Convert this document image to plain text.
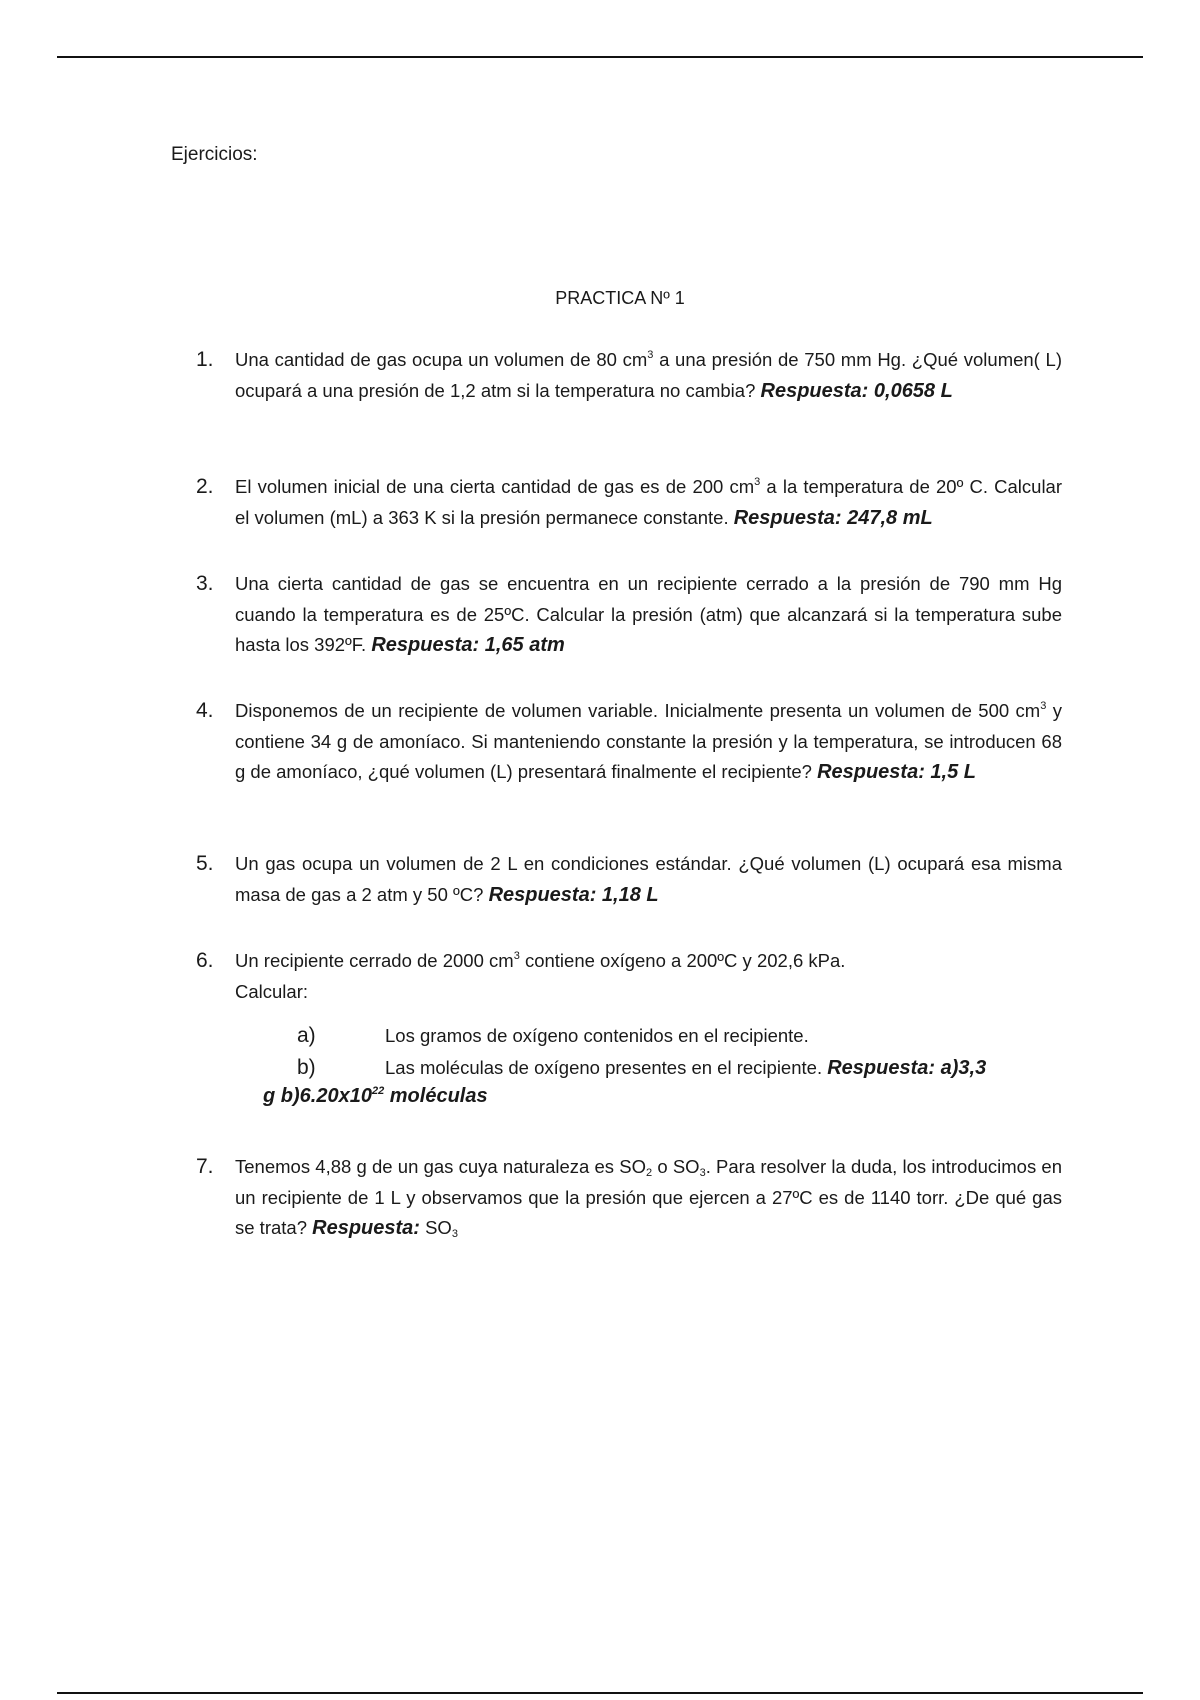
Ejercicios:
PRACTICA Nº 1
1. Una cantidad de gas ocupa un volumen de 80 $cm^3$ a una presión de 750 mm Hg. ¿Qué volumen( L) ocupará a una presión de 1,2 atm si la temperatura no cambia? Respuesta: 0,0658 L
2. El volumen inicial de una cierta cantidad de gas es de 200 $cm^3$ a la temperatura de 20º C. Calcular el volumen (mL) a 363 K si la presión permanece constante. Respuesta: 247,8 mL
3. Una cierta cantidad de gas se encuentra en un recipiente cerrado a la presión de 790 mm Hg cuando la temperatura es de 25ºC. Calcular la presión (atm) que alcanzará si la temperatura sube hasta los 392ºF. Respuesta: 1,65 atm
4. Disponemos de un recipiente de volumen variable. Inicialmente presenta un volumen de 500 $cm^3$ y contiene 34 g de amoníaco. Si manteniendo constante la presión y la temperatura, se introducen 68 g de amoníaco, ¿qué volumen (L) presentará finalmente el recipiente? Respuesta: 1,5 L
5. Un gas ocupa un volumen de 2 L en condiciones estándar. ¿Qué volumen (L) ocupará esa misma masa de gas a 2 atm y 50 ºC? Respuesta: 1,18 L
6. Un recipiente cerrado de 2000 $cm^3$ contiene oxígeno a 200ºC y 202,6 kPa.
Calcular:
a)	Los gramos de oxígeno contenidos en el recipiente.
b)	Las moléculas de oxígeno presentes en el recipiente. Respuesta: a)3,3
g $b)6.20x10^{22}$ moléculas
7. Tenemos 4,88 g de un gas cuya naturaleza es $SO_2$ o $SO_3$. Para resolver la duda, los introducimos en un recipiente de 1 L y observamos que la presión que ejercen a 27ºC es de 1140 torr. ¿De qué gas se trata? Respuesta: $SO_3$
